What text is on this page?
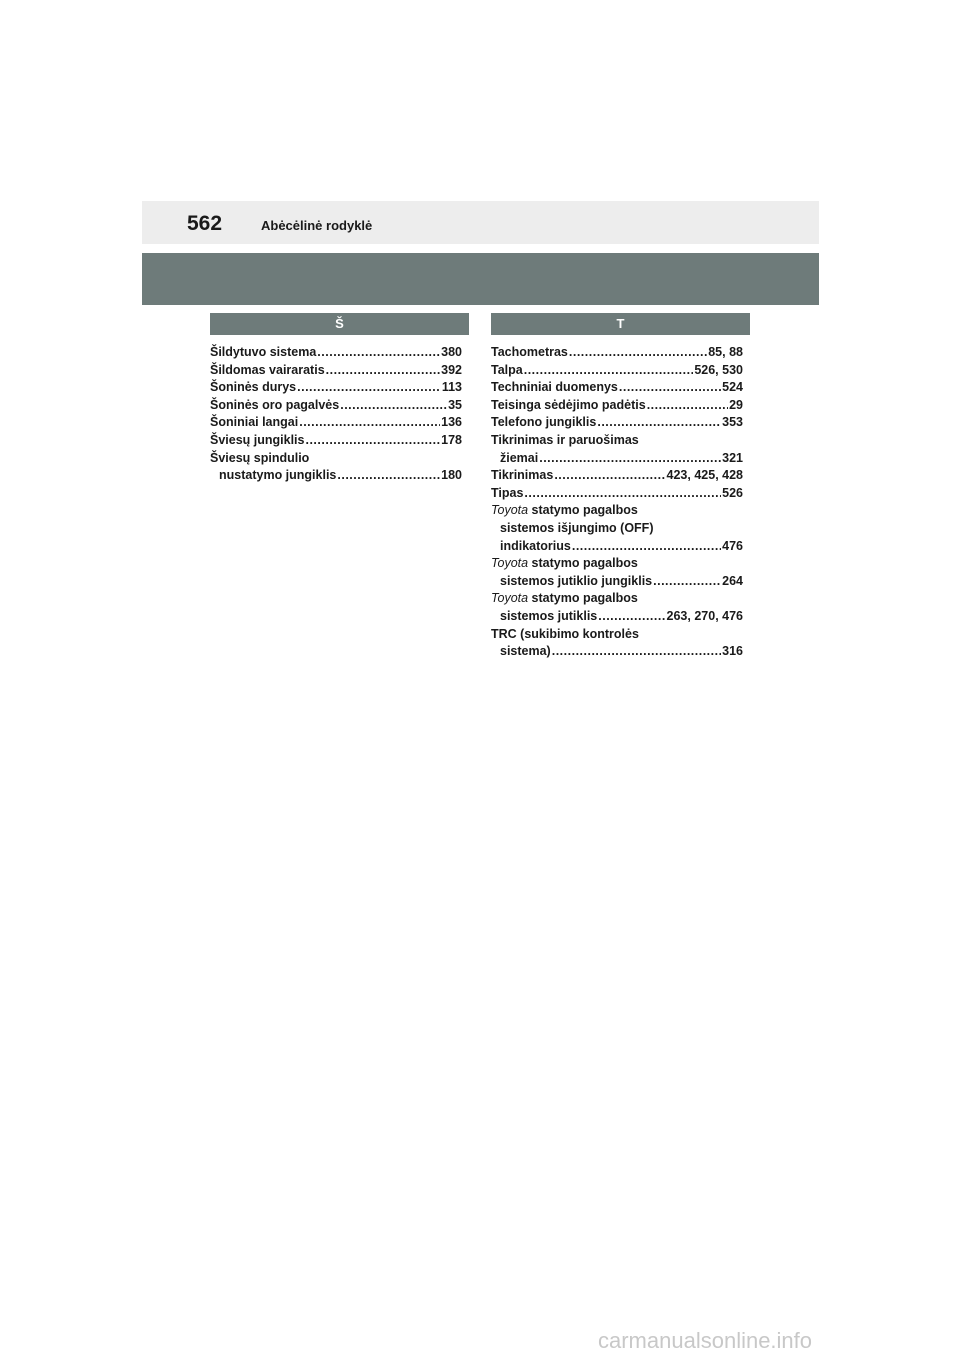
562	Abėcėlinė rodyklė
Š	T
Šildytuvo sistema .....	380
Šildomas vairaratis .....	392
Šoninės durys .....	113
Šoninės oro pagalvės .....	35
Šoniniai langai .....	136
Šviesų jungiklis .....	178
Šviesų spindulio
nustatymo jungiklis .....	180
Tachometras .....	85, 88
Talpa .....	526, 530
Techniniai duomenys .....	524
Teisinga sėdėjimo padėtis .....	29
Telefono jungiklis .....	353
Tikrinimas ir paruošimas
žiemai .....	321
Tikrinimas .....	423, 425, 428
Tipas .....	526
Toyota statymo pagalbos
sistemos išjungimo (OFF)
indikatorius .....	476
Toyota statymo pagalbos
sistemos jutiklio jungiklis .....	264
Toyota statymo pagalbos
sistemos jutiklis .....	263, 270, 476
TRC (sukibimo kontrolės
sistema) .....	316
carmanualsonline.info
